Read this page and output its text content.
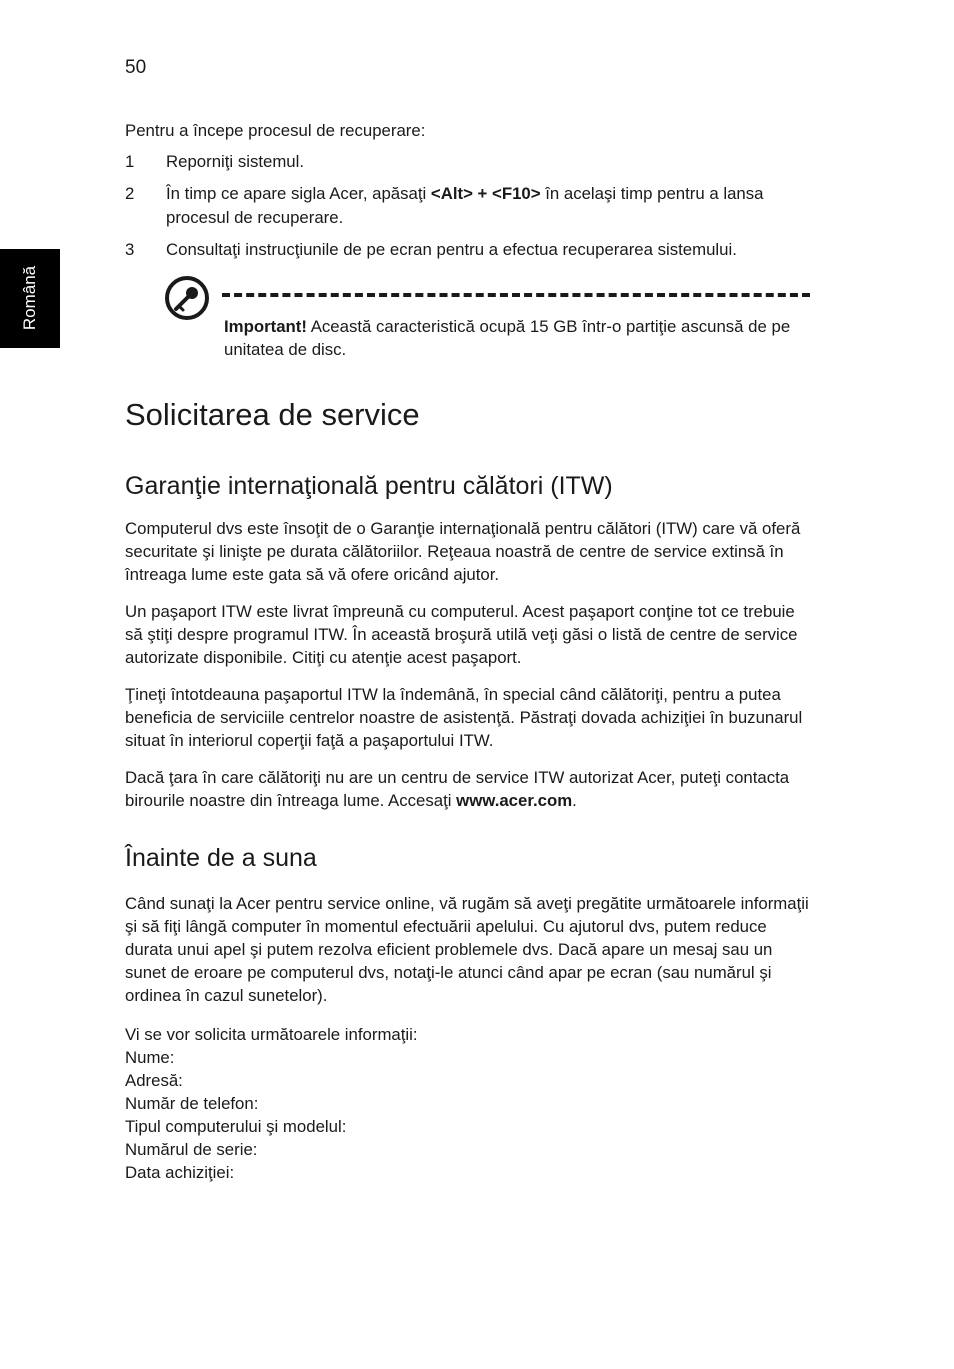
50
Română

Pentru a începe procesul de recuperare:

1 Reporniţi sistemul.
2 În timp ce apare sigla Acer, apăsaţi <Alt> + <F10> în acelaşi timp pentru a lansa procesul de recuperare.
3 Consultaţi instrucţiunile de pe ecran pentru a efectua recuperarea sistemului.
Important! Această caracteristică ocupă 15 GB într-o partiţie ascunsă de pe unitatea de disc.
Solicitarea de service
Garanţie internaţională pentru călători (ITW)

Computerul dvs este însoţit de o Garanţie internaţională pentru călători (ITW) care vă oferă securitate şi linişte pe durata călătoriilor. Reţeaua noastră de centre de service extinsă în întreaga lume este gata să vă ofere oricând ajutor.

Un paşaport ITW este livrat împreună cu computerul. Acest paşaport conţine tot ce trebuie să ştiţi despre programul ITW. În această broşură utilă veţi găsi o listă de centre de service autorizate disponibile. Citiţi cu atenţie acest paşaport.

Ţineţi întotdeauna paşaportul ITW la îndemână, în special când călătoriţi, pentru a putea beneficia de serviciile centrelor noastre de asistenţă. Păstraţi dovada achiziţiei în buzunarul situat în interiorul coperţii faţă a paşaportului ITW.

Dacă ţara în care călătoriţi nu are un centru de service ITW autorizat Acer, puteţi contacta birourile noastre din întreaga lume. Accesaţi www.acer.com.

Înainte de a suna

Când sunaţi la Acer pentru service online, vă rugăm să aveţi pregătite următoarele informaţii şi să fiţi lângă computer în momentul efectuării apelului. Cu ajutorul dvs, putem reduce durata unui apel şi putem rezolva eficient problemele dvs. Dacă apare un mesaj sau un sunet de eroare pe computerul dvs, notaţi-le atunci când apar pe ecran (sau numărul şi ordinea în cazul sunetelor).

Vi se vor solicita următoarele informaţii:
Nume:
Adresă:
Număr de telefon:
Tipul computerului şi modelul:
Numărul de serie:
Data achiziţiei:
